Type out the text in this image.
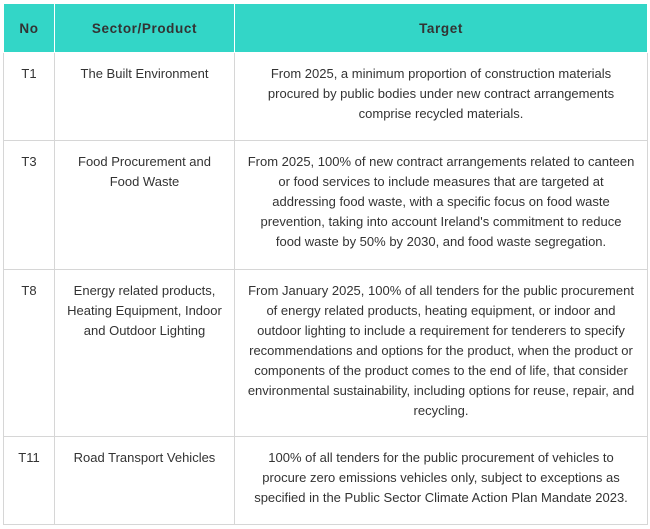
No	Sector/Product	Target
T1	The Built Environment	From 2025, a minimum proportion of construction materials procured by public bodies under new contract arrangements comprise recycled materials.
T3	Food Procurement and Food Waste	From 2025, 100% of new contract arrangements related to canteen or food services to include measures that are targeted at addressing food waste, with a specific focus on food waste prevention, taking into account Ireland's commitment to reduce food waste by 50% by 2030, and food waste segregation.
T8	Energy related products, Heating Equipment, Indoor and Outdoor Lighting	From January 2025, 100% of all tenders for the public procurement of energy related products, heating equipment, or indoor and outdoor lighting to include a requirement for tenderers to specify recommendations and options for the product, when the product or components of the product comes to the end of life, that consider environmental sustainability, including options for reuse, repair, and recycling.
T11	Road Transport Vehicles	100% of all tenders for the public procurement of vehicles to procure zero emissions vehicles only, subject to exceptions as specified in the Public Sector Climate Action Plan Mandate 2023.
